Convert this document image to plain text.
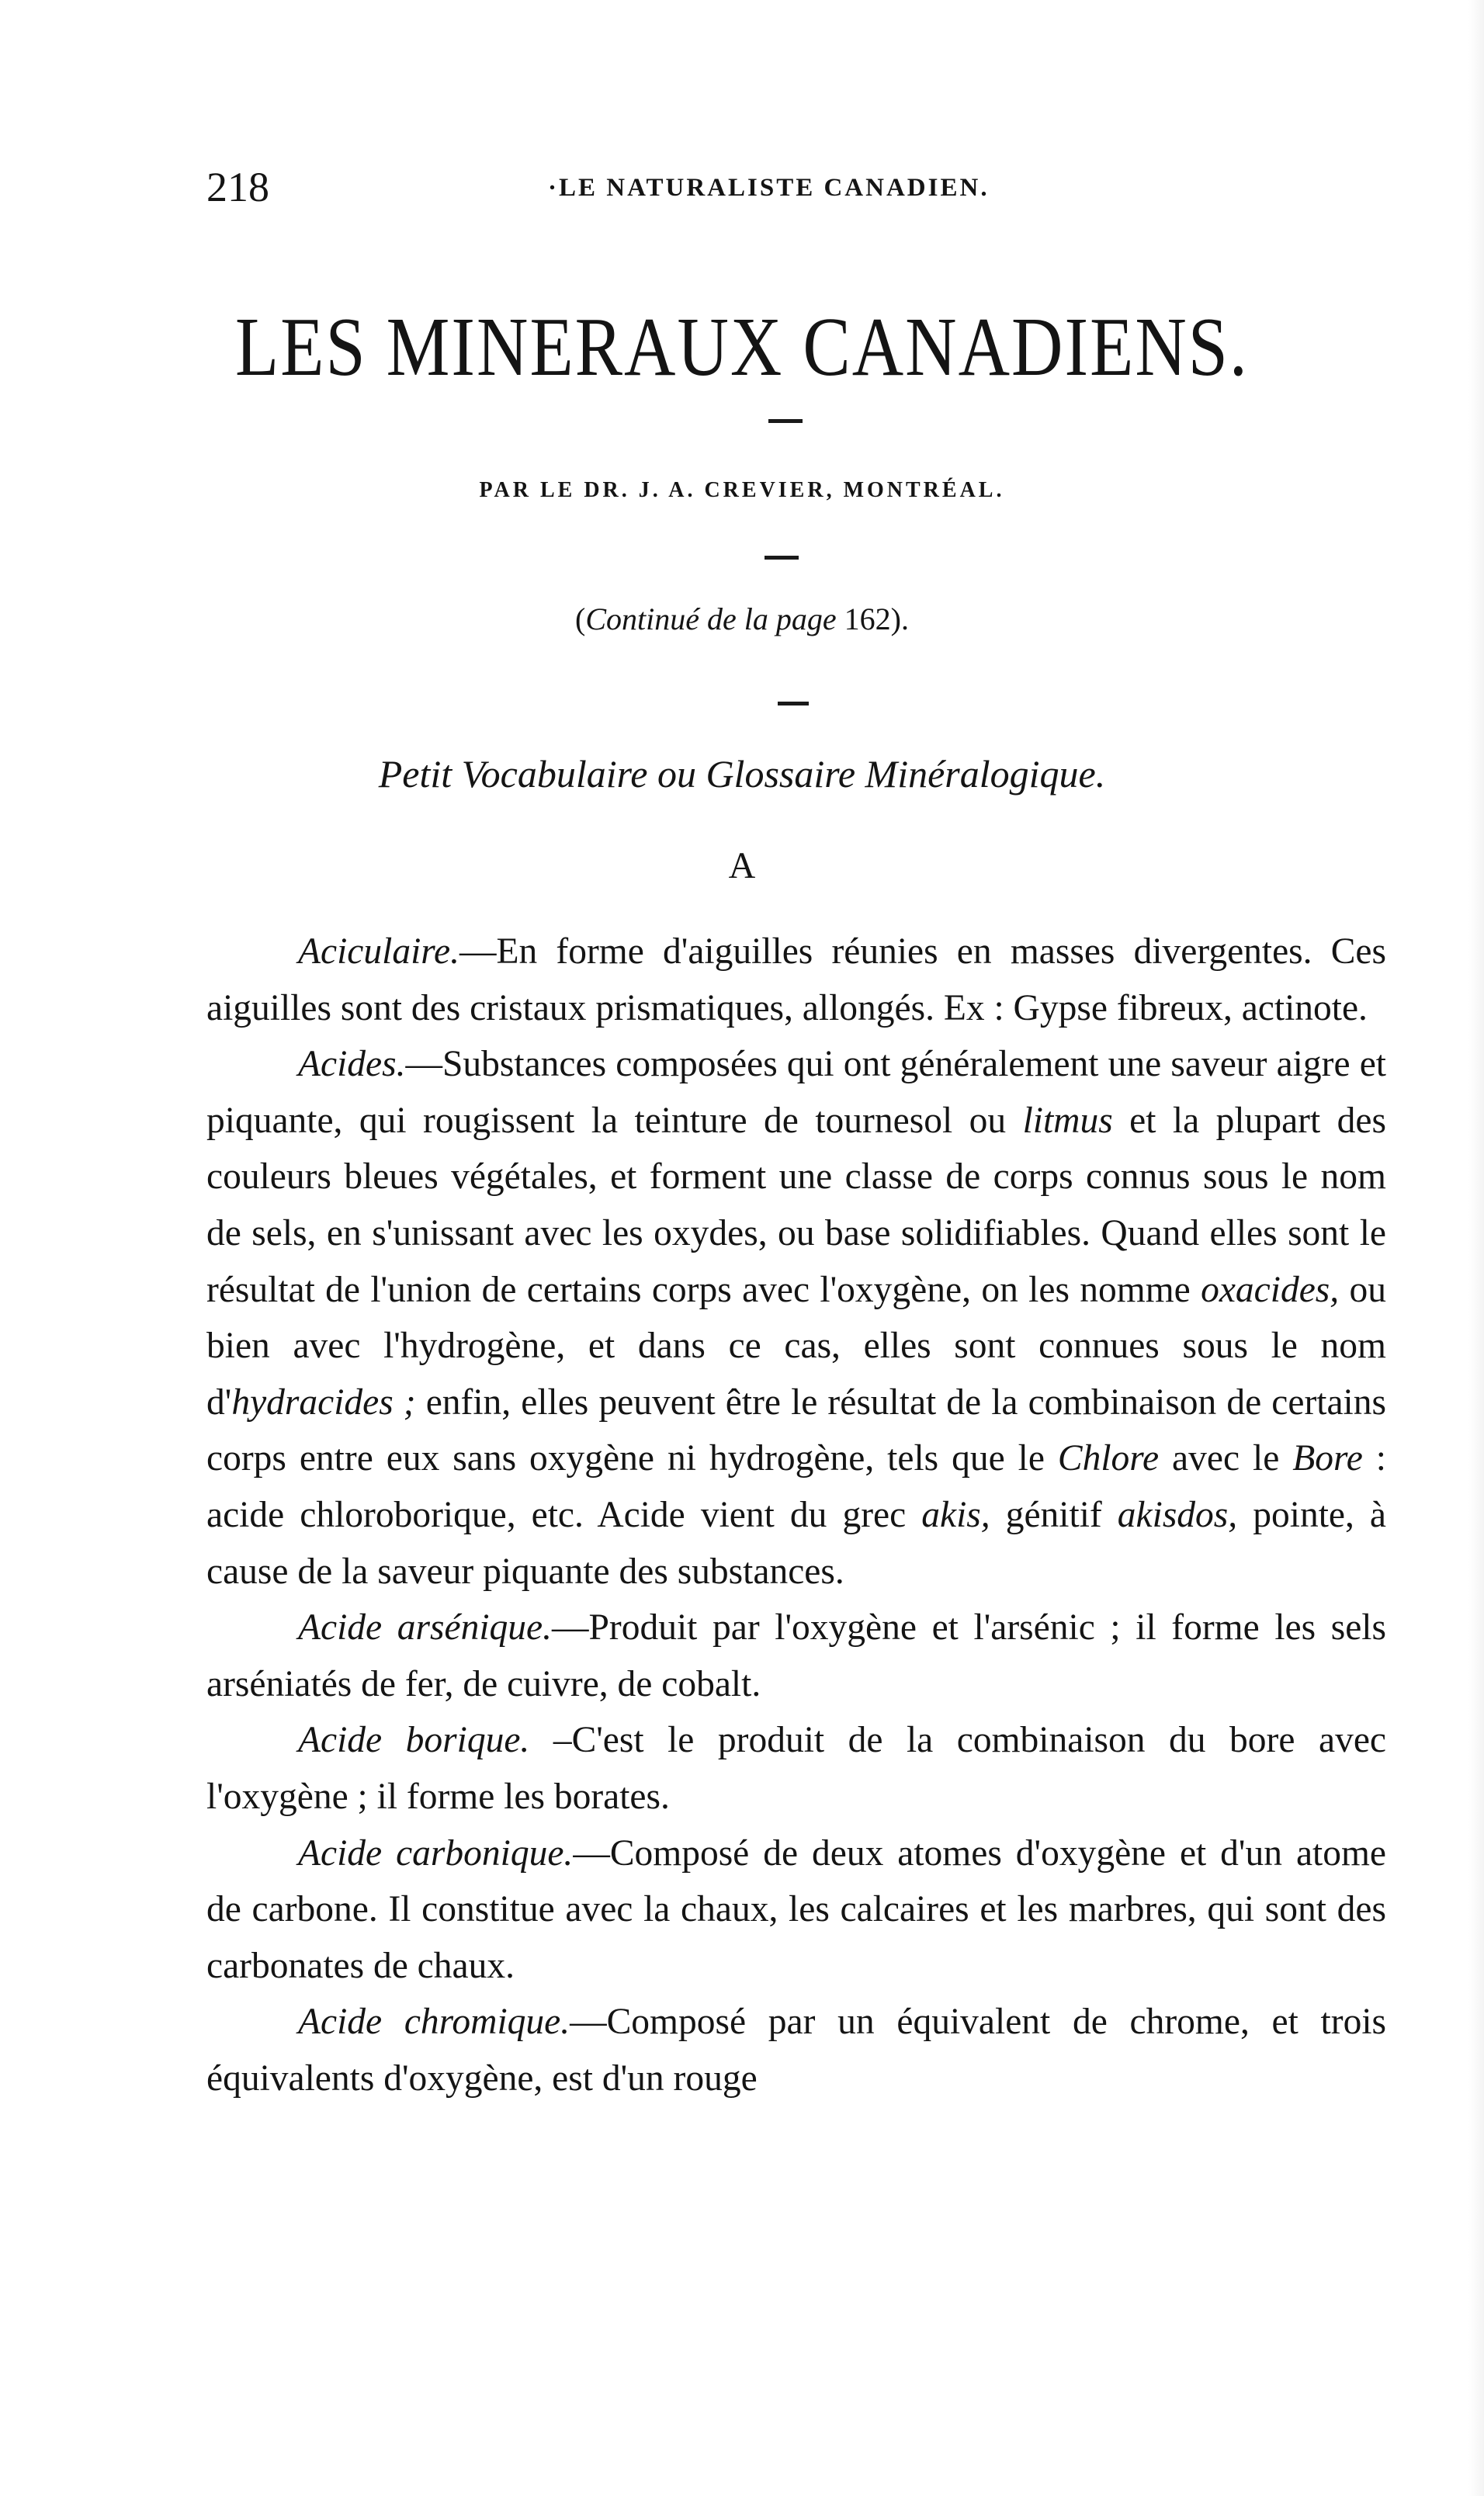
218	·LE NATURALISTE CANADIEN.
LES MINERAUX CANADIENS.
PAR LE DR. J. A. CREVIER, MONTRÉAL.
(Continué de la page 162).
Petit Vocabulaire ou Glossaire Minéralogique.
A

Aciculaire.—En forme d'aiguilles réunies en masses divergentes. Ces aiguilles sont des cristaux prismatiques, allongés. Ex : Gypse fibreux, actinote.

Acides.—Substances composées qui ont généralement une saveur aigre et piquante, qui rougissent la teinture de tournesol ou litmus et la plupart des couleurs bleues végétales, et forment une classe de corps connus sous le nom de sels, en s'unissant avec les oxydes, ou base solidifiables. Quand elles sont le résultat de l'union de certains corps avec l'oxygène, on les nomme oxacides, ou bien avec l'hydrogène, et dans ce cas, elles sont connues sous le nom d'hydracides ; enfin, elles peuvent être le résultat de la combinaison de certains corps entre eux sans oxygène ni hydrogène, tels que le Chlore avec le Bore : acide chloroborique, etc. Acide vient du grec akis, génitif akisdos, pointe, à cause de la saveur piquante des substances.

Acide arsénique.—Produit par l'oxygène et l'arsénic ; il forme les sels arséniatés de fer, de cuivre, de cobalt.

Acide borique. –C'est le produit de la combinaison du bore avec l'oxygène ; il forme les borates.

Acide carbonique.—Composé de deux atomes d'oxygène et d'un atome de carbone. Il constitue avec la chaux, les calcaires et les marbres, qui sont des carbonates de chaux.

Acide chromique.—Composé par un équivalent de chrome, et trois équivalents d'oxygène, est d'un rouge
